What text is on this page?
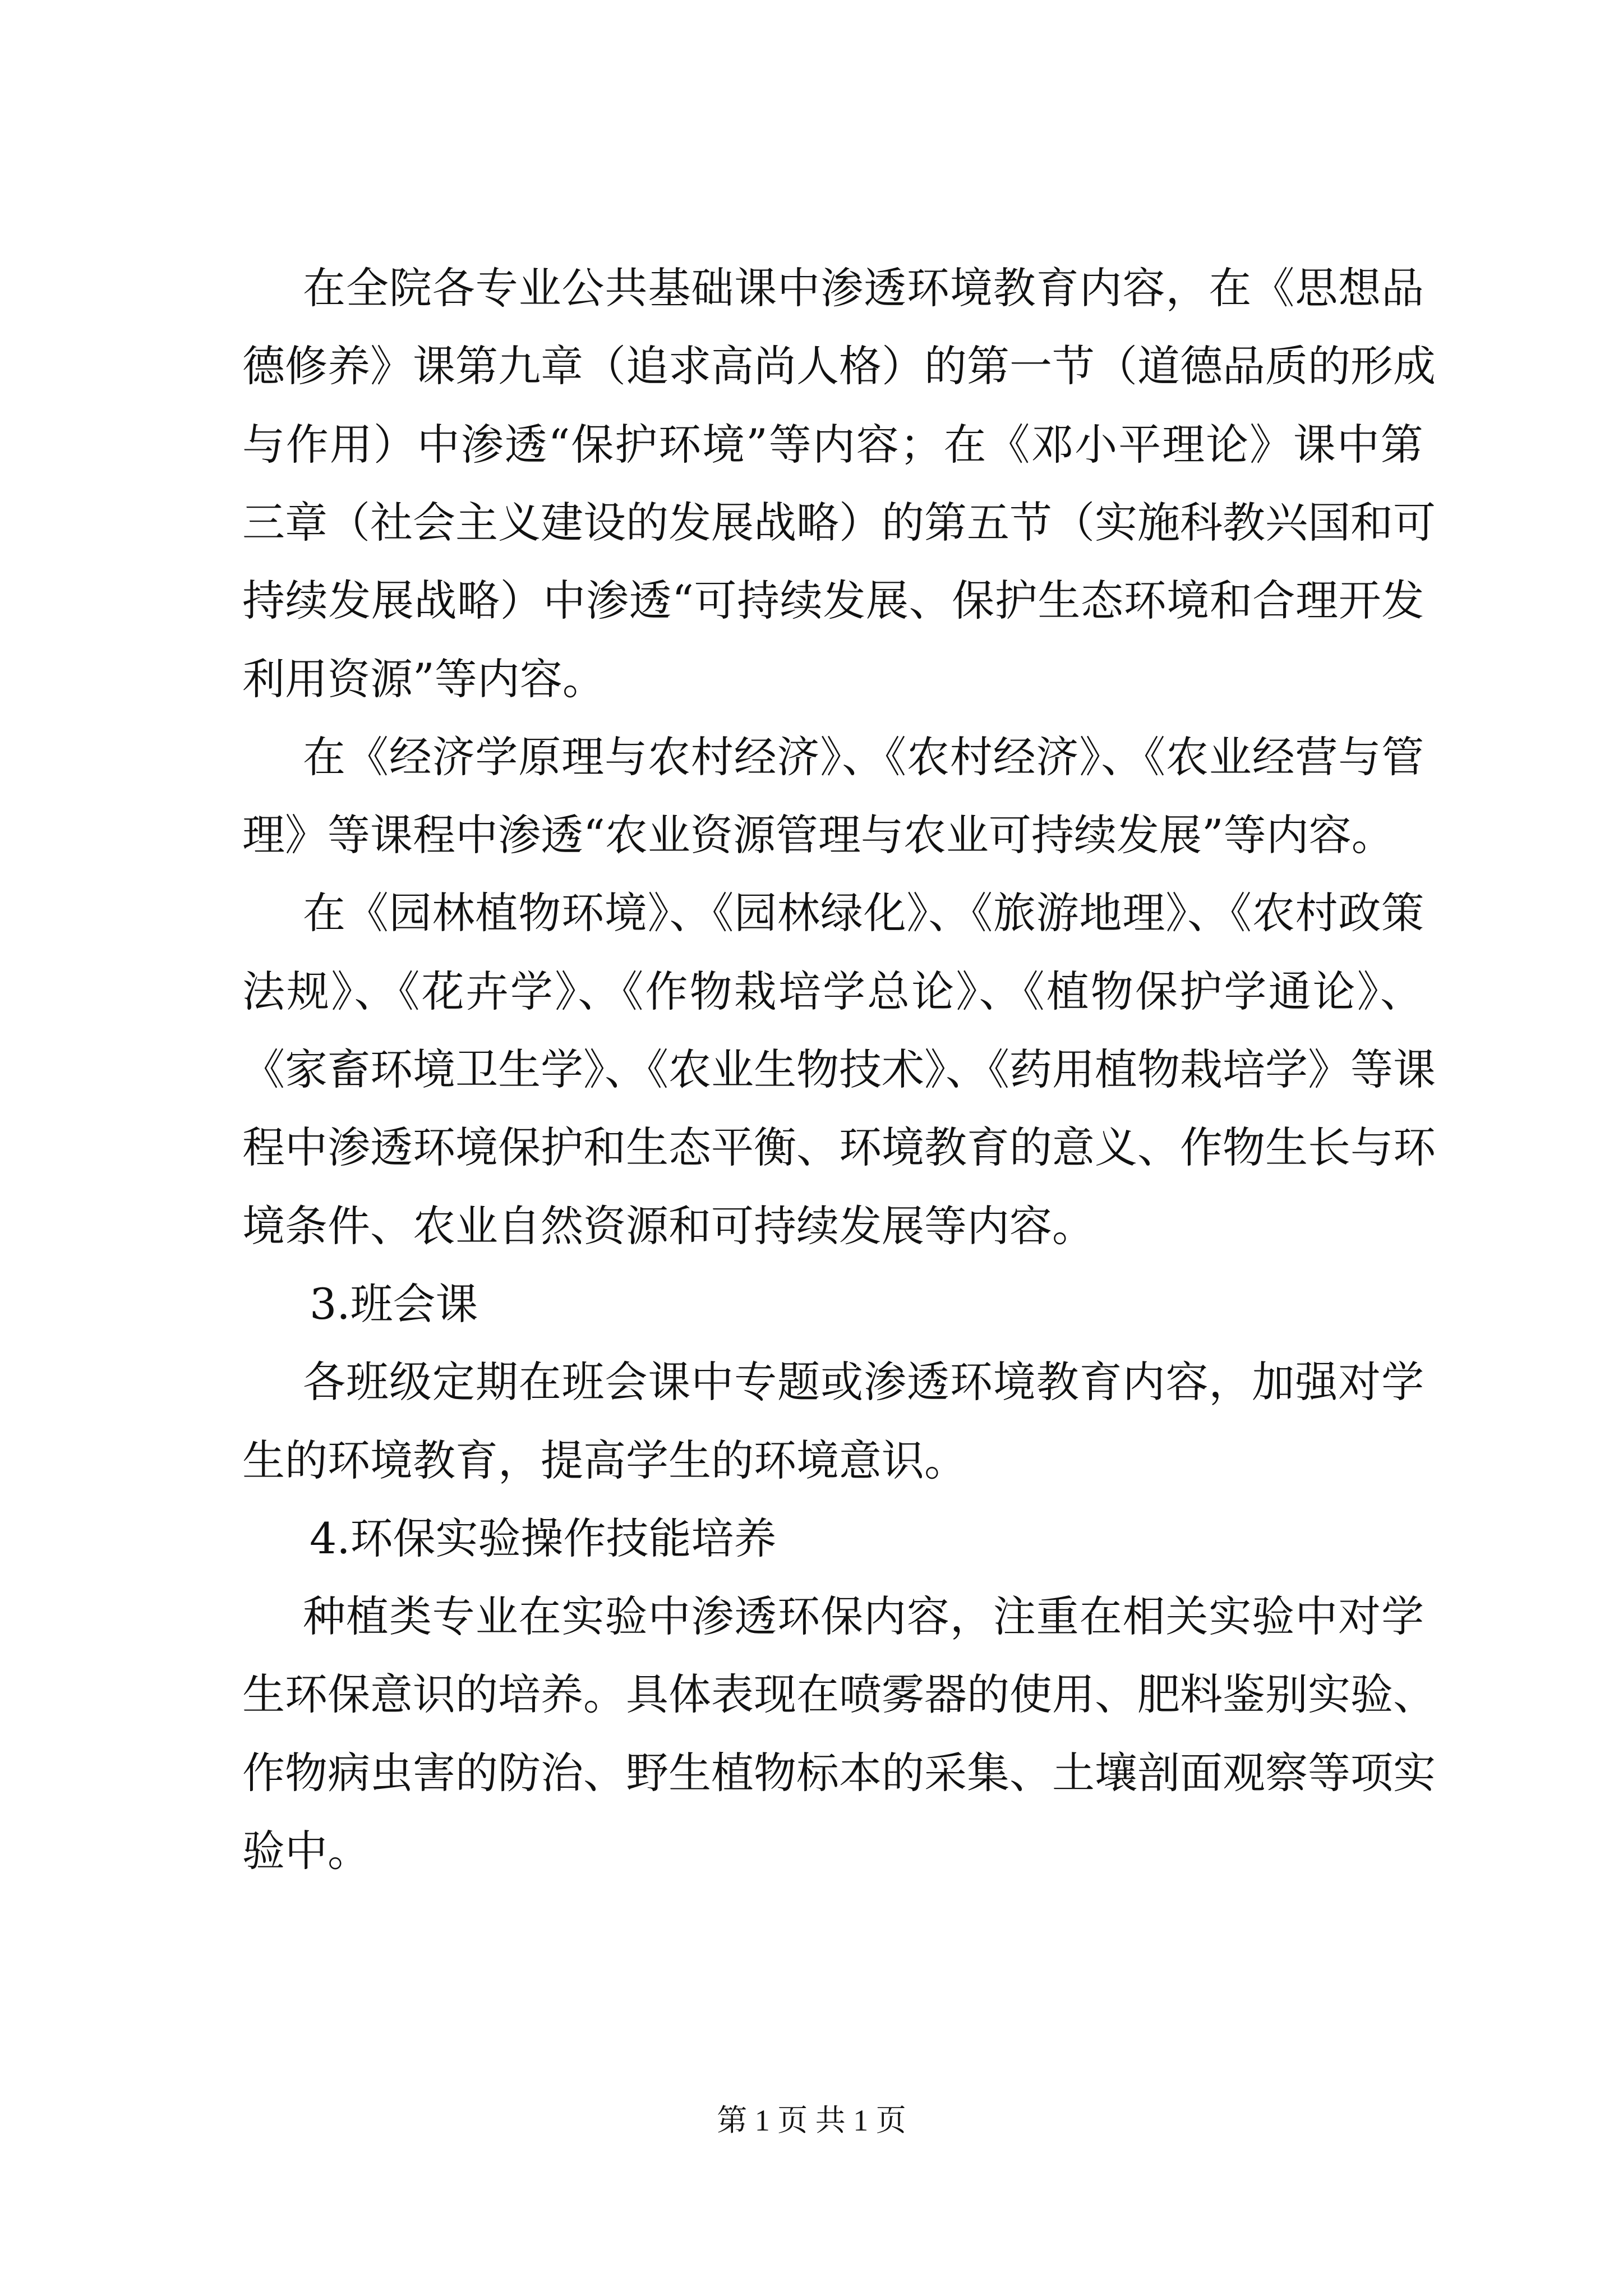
在全院各专业公共基础课中渗透环境教育内容，在《思想品
德修养》课第九章（追求高尚人格）的第一节（道德品质的形成
与作用）中渗透“保护环境”等内容；在《邓小平理论》课中第
三章（社会主义建设的发展战略）的第五节（实施科教兴国和可
持续发展战略）中渗透“可持续发展、保护生态环境和合理开发
利用资源”等内容。
在《经济学原理与农村经济》、《农村经济》、《农业经营与管
理》等课程中渗透“农业资源管理与农业可持续发展”等内容。
在《园林植物环境》、《园林绿化》、《旅游地理》、《农村政策
法规》、《花卉学》、《作物栽培学总论》、《植物保护学通论》、
《家畜环境卫生学》、《农业生物技术》、《药用植物栽培学》等课
程中渗透环境保护和生态平衡、环境教育的意义、作物生长与环
境条件、农业自然资源和可持续发展等内容。
3.班会课
各班级定期在班会课中专题或渗透环境教育内容，加强对学
生的环境教育，提高学生的环境意识。
4.环保实验操作技能培养
种植类专业在实验中渗透环保内容，注重在相关实验中对学
生环保意识的培养。具体表现在喷雾器的使用、肥料鉴别实验、
作物病虫害的防治、野生植物标本的采集、土壤剖面观察等项实
验中。
第 1 页 共 1 页
